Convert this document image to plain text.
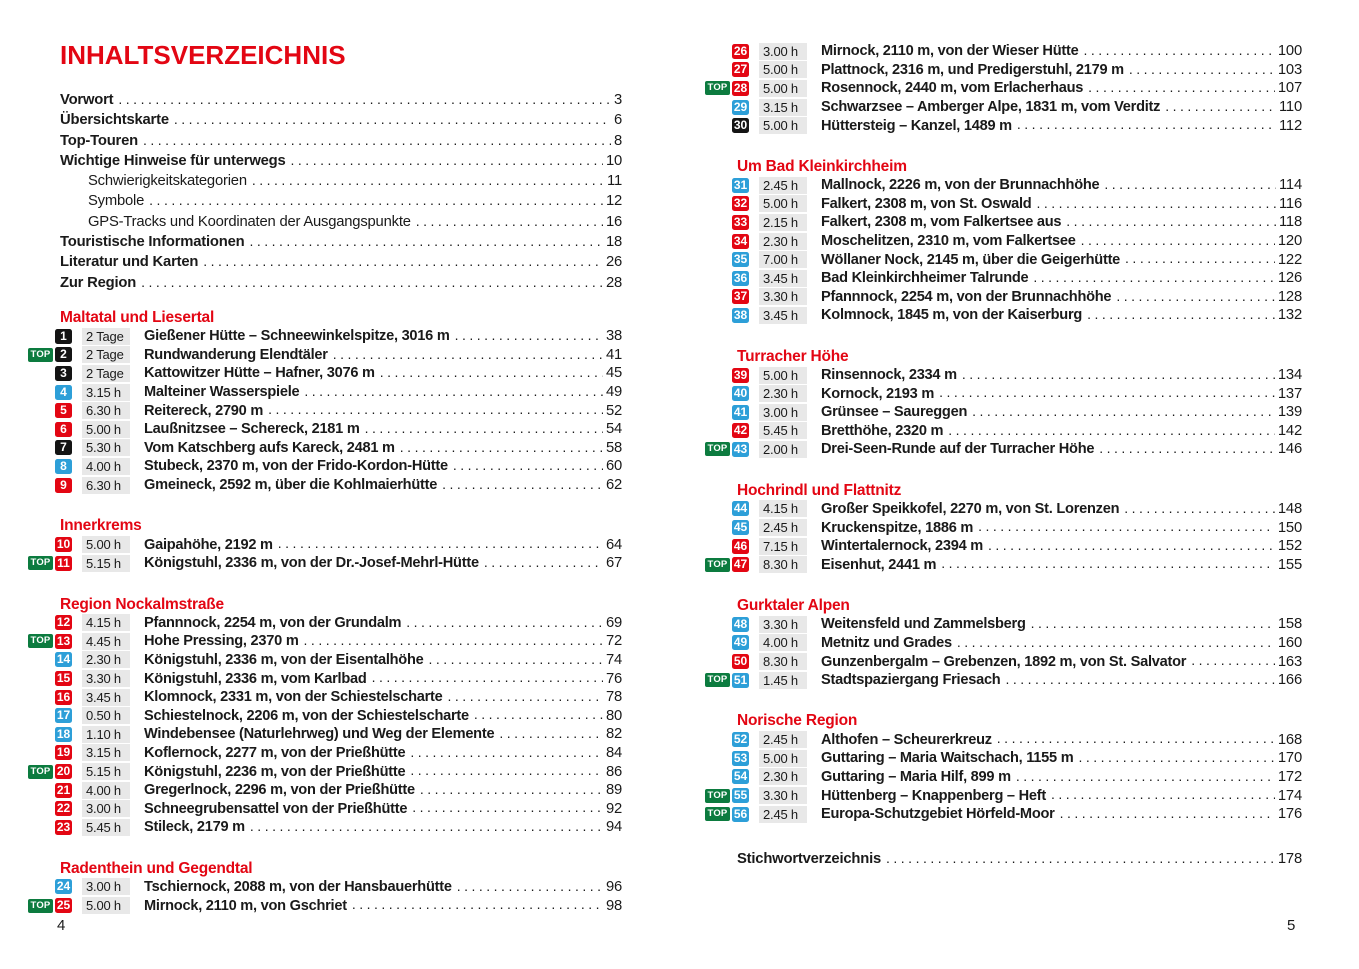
INHALTSVERZEICHNIS
Vorwort .....	3
Übersichtskarte .....	6
Top-Touren .....	8
Wichtige Hinweise für unterwegs .....	10
Schwierigkeitskategorien .....	11
Symbole .....	12
GPS-Tracks und Koordinaten der Ausgangspunkte .....	16
Touristische Informationen .....	18
Literatur und Karten .....	26
Zur Region .....	28
Maltatal und Liesertal
1	2 Tage	Gießener Hütte – Schneewinkelspitze, 3016 m .....	38
TOP 2	2 Tage	Rundwanderung Elendtäler .....	41
3	2 Tage	Kattowitzer Hütte – Hafner, 3076 m .....	45
4	3.15 h	Malteiner Wasserspiele .....	49
5	6.30 h	Reitereck, 2790 m .....	52
6	5.00 h	Laußnitzsee – Schereck, 2181 m .....	54
7	5.30 h	Vom Katschberg aufs Kareck, 2481 m .....	58
8	4.00 h	Stubeck, 2370 m, von der Frido-Kordon-Hütte .....	60
9	6.30 h	Gmeineck, 2592 m, über die Kohlmaierhütte .....	62
Innerkrems
10	5.00 h	Gaipahöhe, 2192 m .....	64
TOP 11	5.15 h	Königstuhl, 2336 m, von der Dr.-Josef-Mehrl-Hütte .....	67
Region Nockalmstraße
12	4.15 h	Pfannnock, 2254 m, von der Grundalm .....	69
TOP 13	4.45 h	Hohe Pressing, 2370 m .....	72
14	2.30 h	Königstuhl, 2336 m, von der Eisentalhöhe .....	74
15	3.30 h	Königstuhl, 2336 m, vom Karlbad .....	76
16	3.45 h	Klomnock, 2331 m, von der Schiestelscharte .....	78
17	0.50 h	Schiestelnock, 2206 m, von der Schiestelscharte .....	80
18	1.10 h	Windebensee (Naturlehrweg) und Weg der Elemente .....	82
19	3.15 h	Koflernock, 2277 m, von der Prießhütte .....	84
TOP 20	5.15 h	Königstuhl, 2236 m, von der Prießhütte .....	86
21	4.00 h	Gregerlnock, 2296 m, von der Prießhütte .....	89
22	3.00 h	Schneegrubensattel von der Prießhütte .....	92
23	5.45 h	Stileck, 2179 m .....	94
Radenthein und Gegendtal
24	3.00 h	Tschiernock, 2088 m, von der Hansbauerhütte .....	96
TOP 25	5.00 h	Mirnock, 2110 m, von Gschriet .....	98
26	3.00 h	Mirnock, 2110 m, von der Wieser Hütte .....	100
27	5.00 h	Plattnock, 2316 m, und Predigerstuhl, 2179 m .....	103
TOP 28	5.00 h	Rosennock, 2440 m, vom Erlacherhaus .....	107
29	3.15 h	Schwarzsee – Amberger Alpe, 1831 m, vom Verditz .....	110
30	5.00 h	Hüttersteig – Kanzel, 1489 m .....	112
Um Bad Kleinkirchheim
31	2.45 h	Mallnock, 2226 m, von der Brunnachhöhe .....	114
32	5.00 h	Falkert, 2308 m, von St. Oswald .....	116
33	2.15 h	Falkert, 2308 m, vom Falkertsee aus .....	118
34	2.30 h	Moschelitzen, 2310 m, vom Falkertsee .....	120
35	7.00 h	Wöllaner Nock, 2145 m, über die Geigerhütte .....	122
36	3.45 h	Bad Kleinkirchheimer Talrunde .....	126
37	3.30 h	Pfannnock, 2254 m, von der Brunnachhöhe .....	128
38	3.45 h	Kolmnock, 1845 m, von der Kaiserburg .....	132
Turracher Höhe
39	5.00 h	Rinsennock, 2334 m .....	134
40	2.30 h	Kornock, 2193 m .....	137
41	3.00 h	Grünsee – Saureggen .....	139
42	5.45 h	Bretthöhe, 2320 m .....	142
TOP 43	2.00 h	Drei-Seen-Runde auf der Turracher Höhe .....	146
Hochrindl und Flattnitz
44	4.15 h	Großer Speikkofel, 2270 m, von St. Lorenzen .....	148
45	2.45 h	Kruckenspitze, 1886 m .....	150
46	7.15 h	Wintertalernock, 2394 m .....	152
TOP 47	8.30 h	Eisenhut, 2441 m .....	155
Gurktaler Alpen
48	3.30 h	Weitensfeld und Zammelsberg .....	158
49	4.00 h	Metnitz und Grades .....	160
50	8.30 h	Gunzenbergalm – Grebenzen, 1892 m, von St. Salvator .....	163
TOP 51	1.45 h	Stadtspaziergang Friesach .....	166
Norische Region
52	2.45 h	Althofen – Scheurerkreuz .....	168
53	5.00 h	Guttaring – Maria Waitschach, 1155 m .....	170
54	2.30 h	Guttaring – Maria Hilf, 899 m .....	172
TOP 55	3.30 h	Hüttenberg – Knappenberg – Heft .....	174
TOP 56	2.45 h	Europa-Schutzgebiet Hörfeld-Moor .....	176
Stichwortverzeichnis .....	178
4	5
